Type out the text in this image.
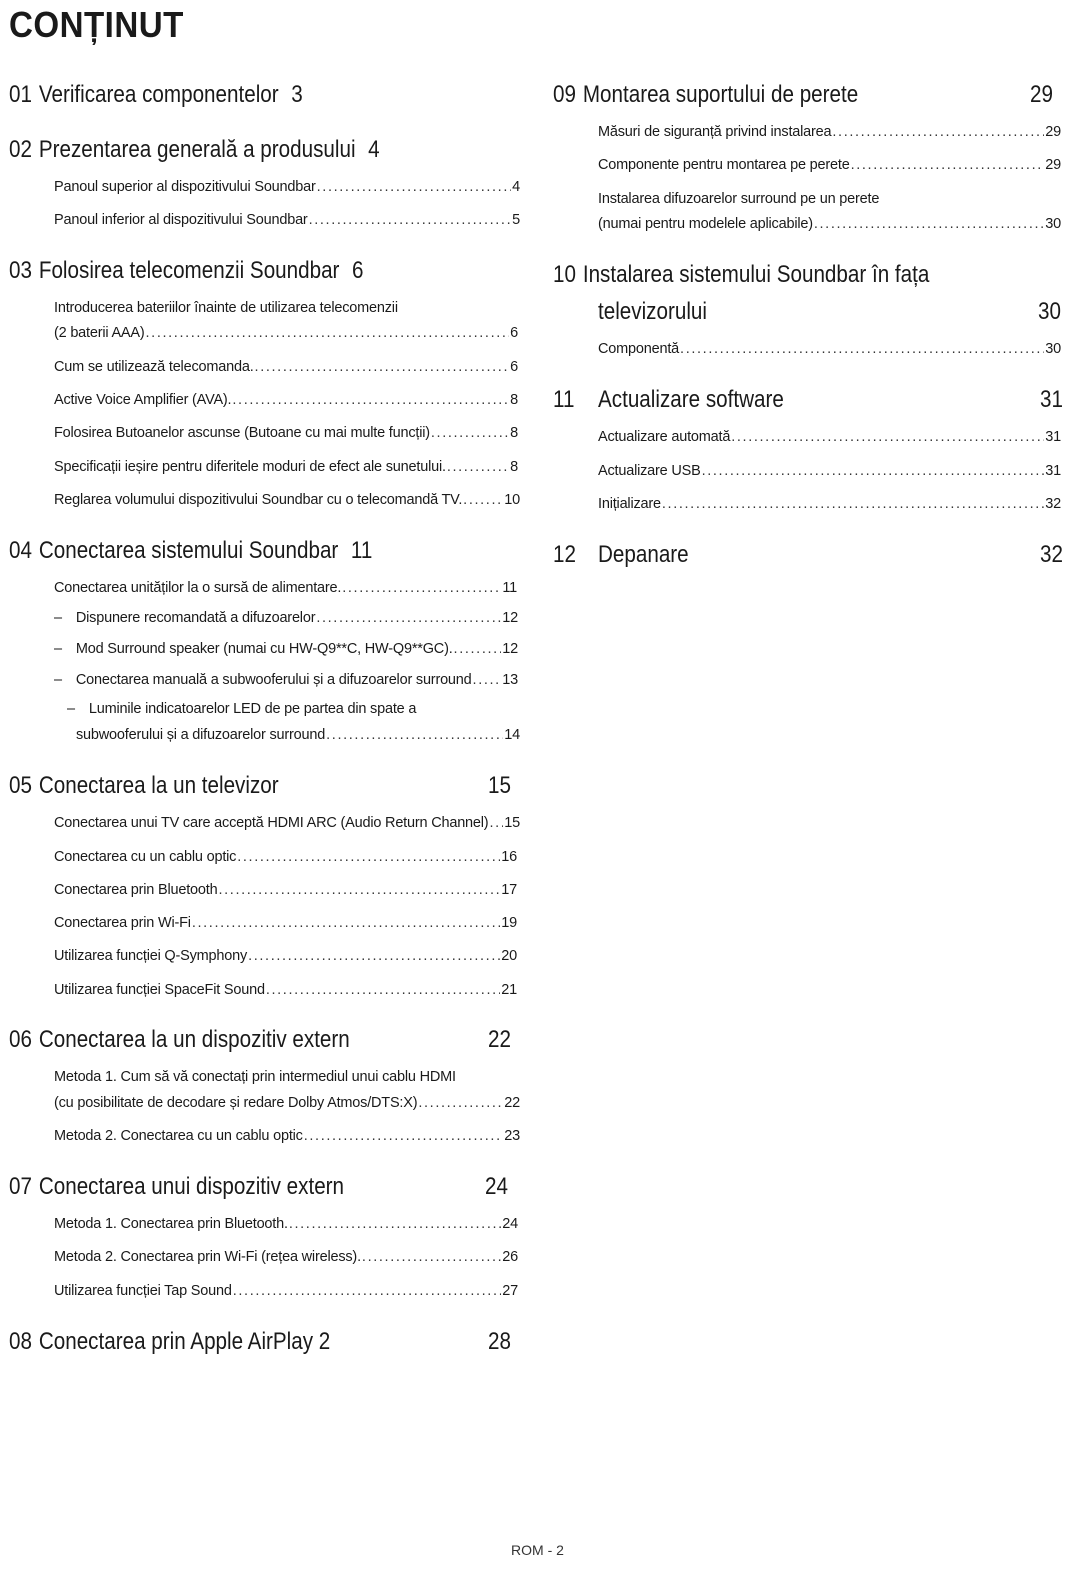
CONȚINUT
01 Verificarea componentelor 3
02 Prezentarea generală a produsului 4
Panoul superior al dispozitivului Soundbar . . .	4
Panoul inferior al dispozitivului Soundbar . . .	5
03 Folosirea telecomenzii Soundbar 6
Introducerea bateriilor înainte de utilizarea telecomenzii
(2 baterii AAA) . . .	6
Cum se utilizează telecomanda. . . .	6
Active Voice Amplifier (AVA). . . .	8
Folosirea Butoanelor ascunse (Butoane cu mai multe funcții) . . .	8
Specificații ieșire pentru diferitele moduri de efect ale sunetului. . . .	8
Reglarea volumului dispozitivului Soundbar cu o telecomandă TV. . . .	10
04 Conectarea sistemului Soundbar 11
Conectarea unităților la o sursă de alimentare. . . .	11
– Dispunere recomandată a difuzoarelor . . .	12
– Mod Surround speaker (numai cu HW-Q9**C, HW-Q9**GC). . . .	12
– Conectarea manuală a subwooferului și a difuzoarelor surround . . . 13
– Luminile indicatoarelor LED de pe partea din spate a
subwooferului și a difuzoarelor surround . . .	14
05 Conectarea la un televizor	15
Conectarea unui TV care acceptă HDMI ARC (Audio Return Channel) . . . 15
Conectarea cu un cablu optic . . .	16
Conectarea prin Bluetooth . . .	17
Conectarea prin Wi-Fi . . .	19
Utilizarea funcției Q-Symphony . . .	20
Utilizarea funcției SpaceFit Sound . . .	21
06 Conectarea la un dispozitiv extern	22
Metoda 1. Cum să vă conectați prin intermediul unui cablu HDMI
(cu posibilitate de decodare și redare Dolby Atmos/DTS:X) . . .	22
Metoda 2. Conectarea cu un cablu optic . . .	23
07 Conectarea unui dispozitiv extern	24
Metoda 1. Conectarea prin Bluetooth. . . .	24
Metoda 2. Conectarea prin Wi-Fi (rețea wireless). . . .	26
Utilizarea funcției Tap Sound . . .	27
08 Conectarea prin Apple AirPlay 2	28
09 Montarea suportului de perete	29
Măsuri de siguranță privind instalarea . . .	29
Componente pentru montarea pe perete . . .	29
Instalarea difuzoarelor surround pe un perete
(numai pentru modelele aplicabile) . . .	30
10 Instalarea sistemului Soundbar în fața
televizorului	30
Componentă . . .	30
11 Actualizare software	31
Actualizare automată . . .	31
Actualizare USB . . .	31
Inițializare . . .	32
12 Depanare	32
ROM - 2
